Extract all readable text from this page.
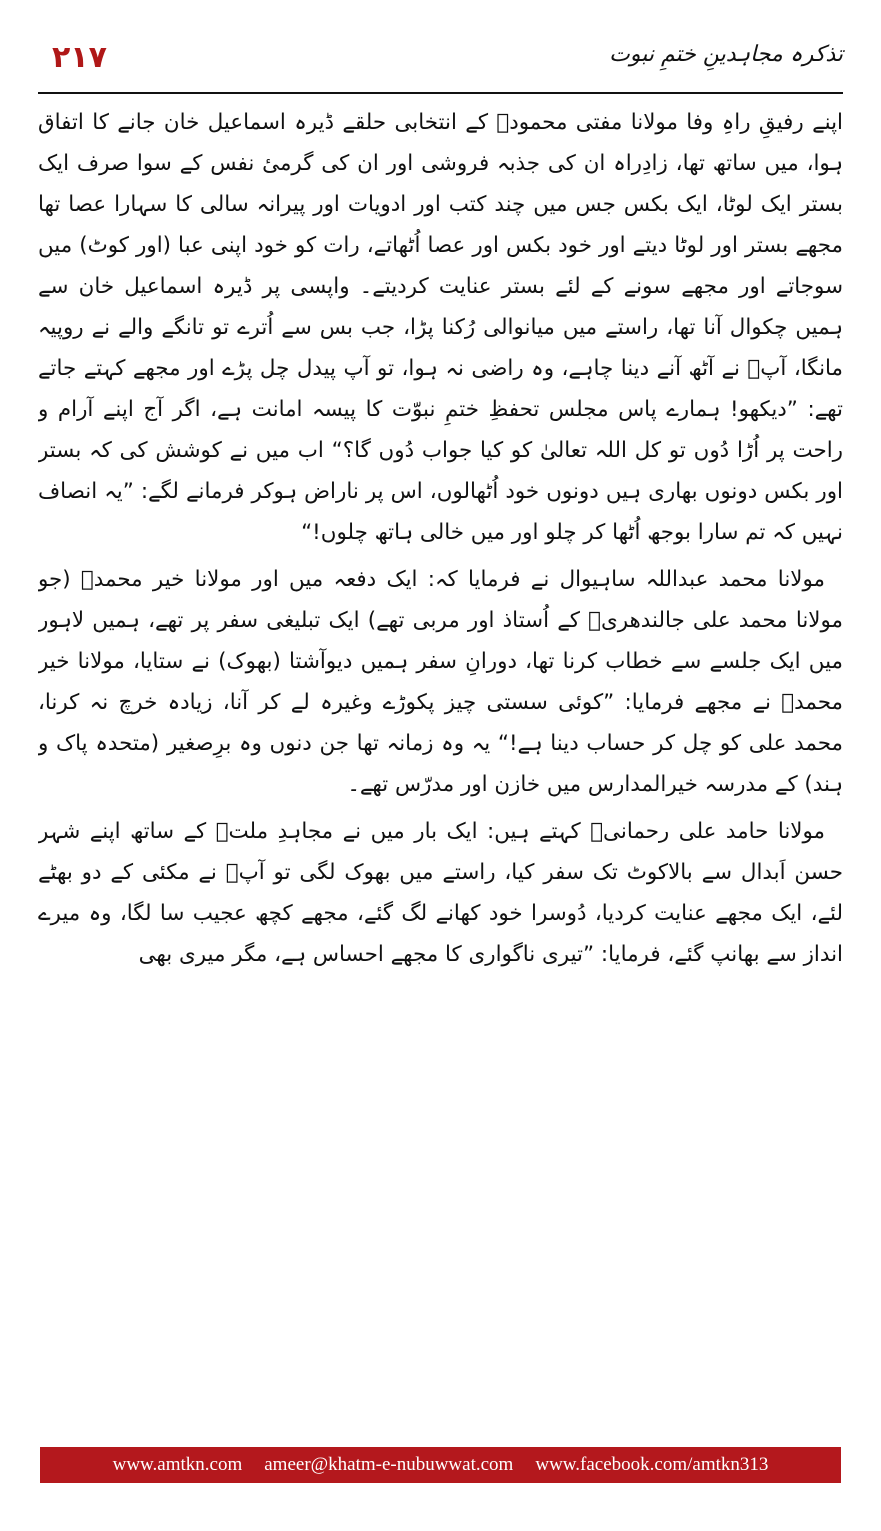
۲۱۷	تذکرہ مجاہدینِ ختمِ نبوت

اپنے رفیقِ راہِ وفا مولانا مفتی محمودؒ کے انتخابی حلقے ڈیرہ اسماعیل خان جانے کا اتفاق ہوا، میں ساتھ تھا، زادِراہ ان کی جذبہ فروشی اور ان کی گرمیٔ نفس کے سوا صرف ایک بستر ایک لوٹا، ایک بکس جس میں چند کتب اور ادویات اور پیرانہ سالی کا سہارا عصا تھا مجھے بستر اور لوٹا دیتے اور خود بکس اور عصا اُٹھاتے، رات کو خود اپنی عبا (اور کوٹ) میں سوجاتے اور مجھے سونے کے لئے بستر عنایت کردیتے۔ واپسی پر ڈیرہ اسماعیل خان سے ہمیں چکوال آنا تھا، راستے میں میانوالی رُکنا پڑا، جب بس سے اُترے تو تانگے والے نے روپیہ مانگا، آپؒ نے آٹھ آنے دینا چاہے، وہ راضی نہ ہوا، تو آپ پیدل چل پڑے اور مجھے کہتے جاتے تھے: ”دیکھو! ہمارے پاس مجلس تحفظِ ختمِ نبوّت کا پیسہ امانت ہے، اگر آج اپنے آرام و راحت پر اُڑا دُوں تو کل اللہ تعالیٰ کو کیا جواب دُوں گا؟“ اب میں نے کوشش کی کہ بستر اور بکس دونوں بھاری ہیں دونوں خود اُٹھالوں، اس پر ناراض ہوکر فرمانے لگے: ”یہ انصاف نہیں کہ تم سارا بوجھ اُٹھا کر چلو اور میں خالی ہاتھ چلوں!“

مولانا محمد عبداللہ ساہیوال نے فرمایا کہ: ایک دفعہ میں اور مولانا خیر محمدؒ (جو مولانا محمد علی جالندھریؒ کے اُستاذ اور مربی تھے) ایک تبلیغی سفر پر تھے، ہمیں لاہور میں ایک جلسے سے خطاب کرنا تھا، دورانِ سفر ہمیں دیوآشتا (بھوک) نے ستایا، مولانا خیر محمدؒ نے مجھے فرمایا: ”کوئی سستی چیز پکوڑے وغیرہ لے کر آنا، زیادہ خرچ نہ کرنا، محمد علی کو چل کر حساب دینا ہے!“ یہ وہ زمانہ تھا جن دنوں وہ برِصغیر (متحدہ پاک و ہند) کے مدرسہ خیرالمدارس میں خازن اور مدرّس تھے۔

مولانا حامد علی رحمانیؒ کہتے ہیں: ایک بار میں نے مجاہدِ ملتؒ کے ساتھ اپنے شہر حسن اَبدال سے بالاکوٹ تک سفر کیا، راستے میں بھوک لگی تو آپؒ نے مکئی کے دو بھٹے لئے، ایک مجھے عنایت کردیا، دُوسرا خود کھانے لگ گئے، مجھے کچھ عجیب سا لگا، وہ میرے انداز سے بھانپ گئے، فرمایا: ”تیری ناگواری کا مجھے احساس ہے، مگر میری بھی

www.amtkn.com ameer@khatm-e-nubuwwat.com www.facebook.com/amtkn313
